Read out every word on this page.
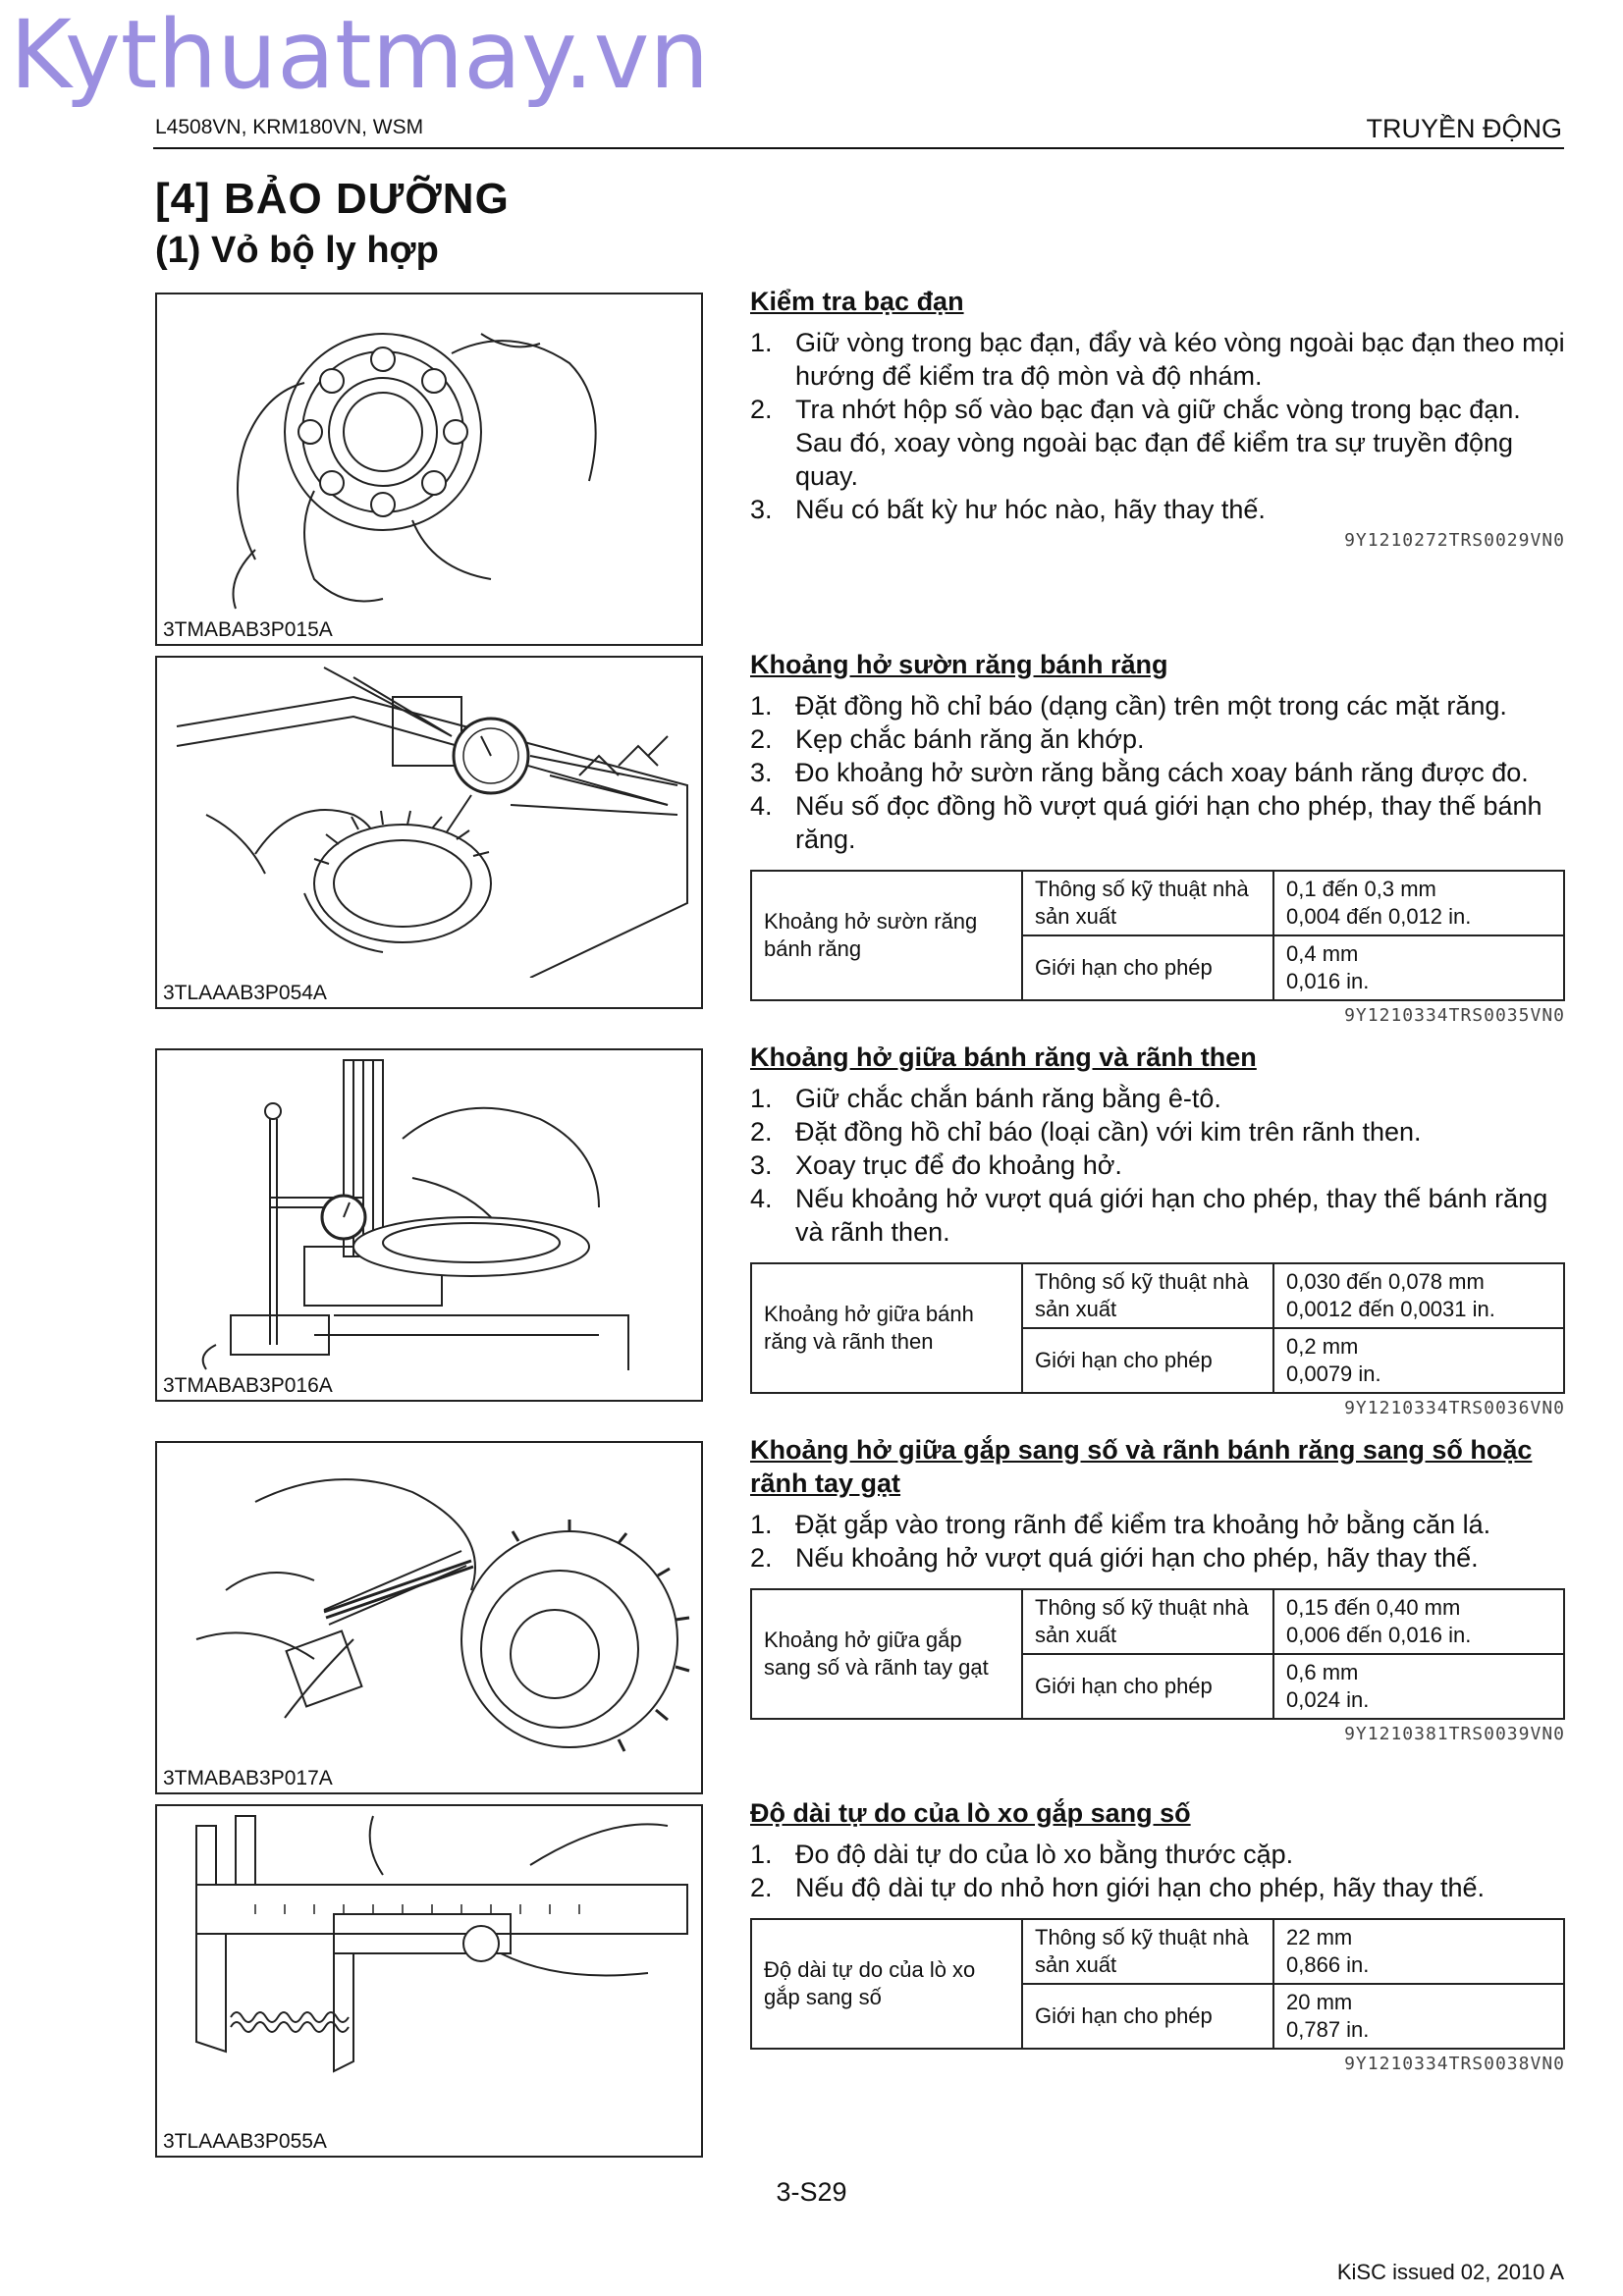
Kythuatmay.vn
L4508VN, KRM180VN, WSM	TRUYỀN ĐỘNG
[4] BẢO DƯỠNG
(1) Vỏ bộ ly hợp
3TMABAB3P015A
3TLAAAB3P054A
3TMABAB3P016A
3TMABAB3P017A
3TLAAAB3P055A
Kiểm tra bạc đạn
1. Giữ vòng trong bạc đạn, đẩy và kéo vòng ngoài bạc đạn theo mọi hướng để kiểm tra độ mòn và độ nhám.
2. Tra nhớt hộp số vào bạc đạn và giữ chắc vòng trong bạc đạn. Sau đó, xoay vòng ngoài bạc đạn để kiểm tra sự truyền động quay.
3. Nếu có bất kỳ hư hóc nào, hãy thay thế.
9Y1210272TRS0029VN0
Khoảng hở sườn răng bánh răng
1. Đặt đồng hồ chỉ báo (dạng cần) trên một trong các mặt răng.
2. Kẹp chắc bánh răng ăn khớp.
3. Đo khoảng hở sườn răng bằng cách xoay bánh răng được đo.
4. Nếu số đọc đồng hồ vượt quá giới hạn cho phép, thay thế bánh răng.
Khoảng hở sườn răng bánh răng	Thông số kỹ thuật nhà sản xuất	0,1 đến 0,3 mm
0,004 đến 0,012 in.

	Giới hạn cho phép	0,4 mm
0,016 in.
9Y1210334TRS0035VN0
Khoảng hở giữa bánh răng và rãnh then
1. Giữ chắc chắn bánh răng bằng ê-tô.
2. Đặt đồng hồ chỉ báo (loại cần) với kim trên rãnh then.
3. Xoay trục để đo khoảng hở.
4. Nếu khoảng hở vượt quá giới hạn cho phép, thay thế bánh răng và rãnh then.
Khoảng hở giữa bánh răng và rãnh then	Thông số kỹ thuật nhà sản xuất	0,030 đến 0,078 mm
0,0012 đến 0,0031 in.

	Giới hạn cho phép	0,2 mm
0,0079 in.
9Y1210334TRS0036VN0
Khoảng hở giữa gắp sang số và rãnh bánh răng sang số hoặc rãnh tay gạt
1. Đặt gắp vào trong rãnh để kiểm tra khoảng hở bằng căn lá.
2. Nếu khoảng hở vượt quá giới hạn cho phép, hãy thay thế.
Khoảng hở giữa gắp sang số và rãnh tay gạt	Thông số kỹ thuật nhà sản xuất	0,15 đến 0,40 mm
0,006 đến 0,016 in.

	Giới hạn cho phép	0,6 mm
0,024 in.
9Y1210381TRS0039VN0
Độ dài tự do của lò xo gắp sang số
1. Đo độ dài tự do của lò xo bằng thước cặp.
2. Nếu độ dài tự do nhỏ hơn giới hạn cho phép, hãy thay thế.
Độ dài tự do của lò xo gắp sang số	Thông số kỹ thuật nhà sản xuất	22 mm
0,866 in.

	Giới hạn cho phép	20 mm
0,787 in.
9Y1210334TRS0038VN0
3-S29
KiSC issued 02, 2010 A
